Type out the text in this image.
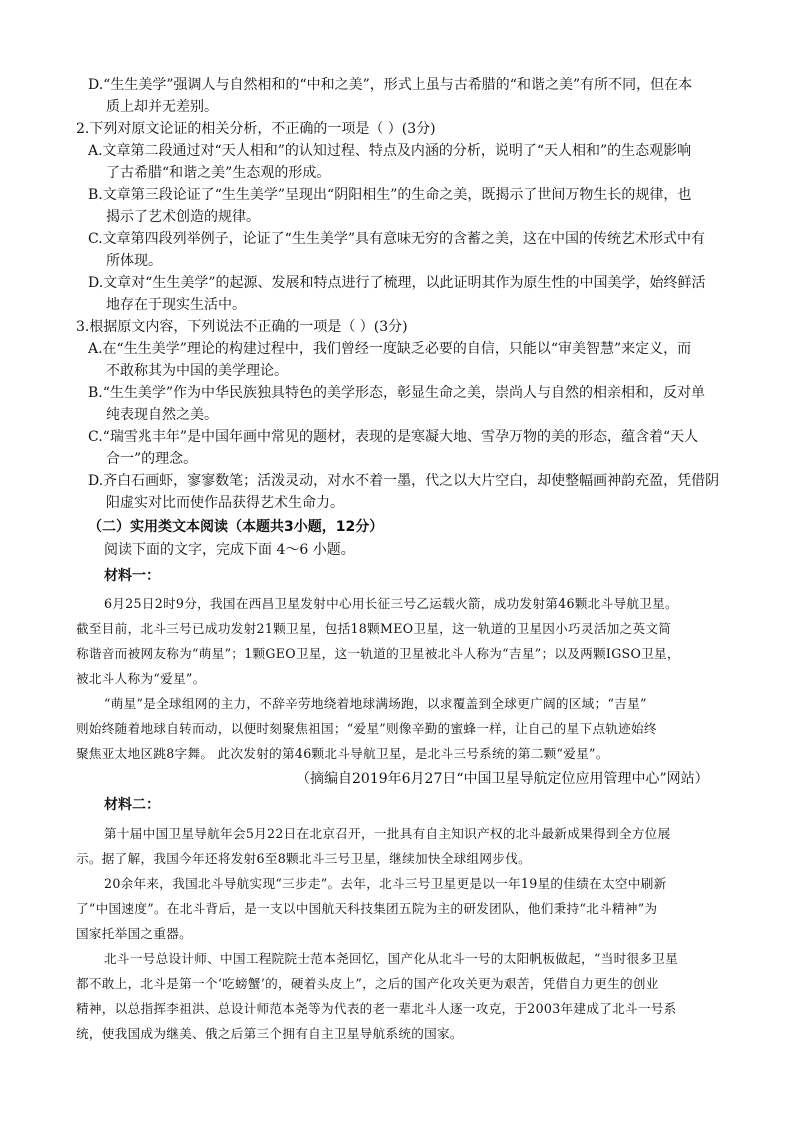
D.“生生美学”强调人与自然相和的“中和之美”，形式上虽与古希腊的“和谐之美”有所不同，但在本
质上却并无差别。
2.下列对原文论证的相关分析，不正确的一项是（ ）(3分)
A.文章第二段通过对“天人相和”的认知过程、特点及内涵的分析，说明了“天人相和”的生态观影响
了古希腊“和谐之美”生态观的形成。
B.文章第三段论证了“生生美学”呈现出“阴阳相生”的生命之美，既揭示了世间万物生长的规律，也
揭示了艺术创造的规律。
C.文章第四段列举例子，论证了“生生美学”具有意味无穷的含蓄之美，这在中国的传统艺术形式中有
所体现。
D.文章对“生生美学”的起源、发展和特点进行了梳理，以此证明其作为原生性的中国美学，始终鲜活
地存在于现实生活中。
3.根据原文内容，下列说法不正确的一项是（ ）(3分)
A.在“生生美学”理论的构建过程中，我们曾经一度缺乏必要的自信，只能以“审美智慧”来定义，而
不敢称其为中国的美学理论。
B.“生生美学”作为中华民族独具特色的美学形态，彰显生命之美，崇尚人与自然的相亲相和，反对单
纯表现自然之美。
C.“瑞雪兆丰年”是中国年画中常见的题材，表现的是寒凝大地、雪孕万物的美的形态，蕴含着“天人
合一”的理念。
D.齐白石画虾，寥寥数笔；活泼灵动，对水不着一墨，代之以大片空白，却使整幅画神韵充盈，凭借阴
阳虚实对比而使作品获得艺术生命力。
（二）实用类文本阅读（本题共3小题，12分）
阅读下面的文字，完成下面 4～6 小题。
材料一：
6月25日2时9分，我国在西昌卫星发射中心用长征三号乙运载火箭，成功发射第46颗北斗导航卫星。
截至目前，北斗三号已成功发射21颗卫星，包括18颗MEO卫星，这一轨道的卫星因小巧灵活加之英文简
称谐音而被网友称为“萌星”；1颗GEO卫星，这一轨道的卫星被北斗人称为“吉星”；以及两颗IGSO卫星，
被北斗人称为“爱星”。
“萌星”是全球组网的主力，不辞辛劳地绕着地球满场跑，以求覆盖到全球更广阔的区域；“吉星”
则始终随着地球自转而动，以便时刻聚焦祖国；“爱星”则像辛勤的蜜蜂一样，让自己的星下点轨迹始终
聚焦亚太地区跳8字舞。 此次发射的第46颗北斗导航卫星，是北斗三号系统的第二颗“爱星”。
（摘编自2019年6月27日“中国卫星导航定位应用管理中心”网站）
材料二：
第十届中国卫星导航年会5月22日在北京召开，一批具有自主知识产权的北斗最新成果得到全方位展
示。据了解，我国今年还将发射6至8颗北斗三号卫星，继续加快全球组网步伐。
20余年来，我国北斗导航实现“三步走”。去年，北斗三号卫星更是以一年19星的佳绩在太空中刷新
了“中国速度”。在北斗背后，是一支以中国航天科技集团五院为主的研发团队，他们秉持“北斗精神”为
国家托举国之重器。
北斗一号总设计师、中国工程院院士范本尧回忆，国产化从北斗一号的太阳帆板做起，“当时很多卫星
都不敢上，北斗是第一个‘吃螃蟹’的，硬着头皮上”，之后的国产化攻关更为艰苦，凭借自力更生的创业
精神，以总指挥李祖洪、总设计师范本尧等为代表的老一辈北斗人逐一攻克，于2003年建成了北斗一号系
统，使我国成为继美、俄之后第三个拥有自主卫星导航系统的国家。
